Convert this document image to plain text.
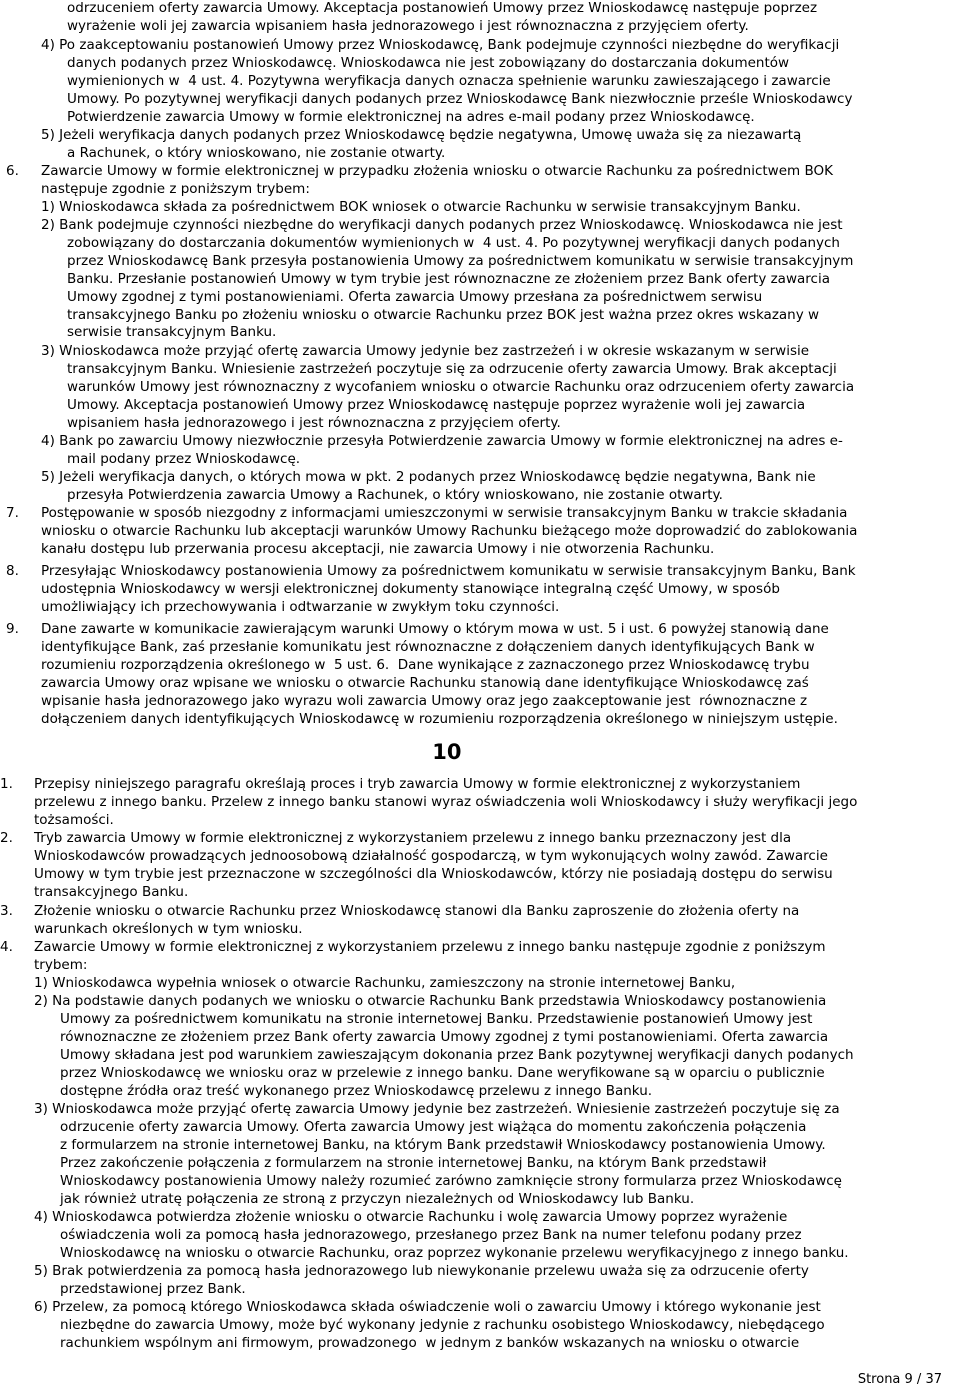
odrzuceniem oferty zawarcia Umowy. Akceptacja postanowień Umowy przez Wnioskodawcę następuje poprzez
wyrażenie woli jej zawarcia wpisaniem hasła jednorazowego i jest równoznaczna z przyjęciem oferty.
4) Po zaakceptowaniu postanowień Umowy przez Wnioskodawcę, Bank podejmuje czynności niezbędne do weryfikacji
danych podanych przez Wnioskodawcę. Wnioskodawca nie jest zobowiązany do dostarczania dokumentów
wymienionych w  4 ust. 4. Pozytywna weryfikacja danych oznacza spełnienie warunku zawieszającego i zawarcie
Umowy. Po pozytywnej weryfikacji danych podanych przez Wnioskodawcę Bank niezwłocznie prześle Wnioskodawcy
Potwierdzenie zawarcia Umowy w formie elektronicznej na adres e-mail podany przez Wnioskodawcę.
5) Jeżeli weryfikacja danych podanych przez Wnioskodawcę będzie negatywna, Umowę uważa się za niezawartą
a Rachunek, o który wnioskowano, nie zostanie otwarty.
6. Zawarcie Umowy w formie elektronicznej w przypadku złożenia wniosku o otwarcie Rachunku za pośrednictwem BOK
następuje zgodnie z poniższym trybem:
1) Wnioskodawca składa za pośrednictwem BOK wniosek o otwarcie Rachunku w serwisie transakcyjnym Banku.
2) Bank podejmuje czynności niezbędne do weryfikacji danych podanych przez Wnioskodawcę. Wnioskodawca nie jest
zobowiązany do dostarczania dokumentów wymienionych w  4 ust. 4. Po pozytywnej weryfikacji danych podanych
przez Wnioskodawcę Bank przesyła postanowienia Umowy za pośrednictwem komunikatu w serwisie transakcyjnym
Banku. Przesłanie postanowień Umowy w tym trybie jest równoznaczne ze złożeniem przez Bank oferty zawarcia
Umowy zgodnej z tymi postanowieniami. Oferta zawarcia Umowy przesłana za pośrednictwem serwisu
transakcyjnego Banku po złożeniu wniosku o otwarcie Rachunku przez BOK jest ważna przez okres wskazany w
serwisie transakcyjnym Banku.
3) Wnioskodawca może przyjąć ofertę zawarcia Umowy jedynie bez zastrzeżeń i w okresie wskazanym w serwisie
transakcyjnym Banku. Wniesienie zastrzeżeń poczytuje się za odrzucenie oferty zawarcia Umowy. Brak akceptacji
warunków Umowy jest równoznaczny z wycofaniem wniosku o otwarcie Rachunku oraz odrzuceniem oferty zawarcia
Umowy. Akceptacja postanowień Umowy przez Wnioskodawcę następuje poprzez wyrażenie woli jej zawarcia
wpisaniem hasła jednorazowego i jest równoznaczna z przyjęciem oferty.
4) Bank po zawarciu Umowy niezwłocznie przesyła Potwierdzenie zawarcia Umowy w formie elektronicznej na adres e-
mail podany przez Wnioskodawcę.
5) Jeżeli weryfikacja danych, o których mowa w pkt. 2 podanych przez Wnioskodawcę będzie negatywna, Bank nie
przesyła Potwierdzenia zawarcia Umowy a Rachunek, o który wnioskowano, nie zostanie otwarty.
7. Postępowanie w sposób niezgodny z informacjami umieszczonymi w serwisie transakcyjnym Banku w trakcie składania
wniosku o otwarcie Rachunku lub akceptacji warunków Umowy Rachunku bieżącego może doprowadzić do zablokowania
kanału dostępu lub przerwania procesu akceptacji, nie zawarcia Umowy i nie otworzenia Rachunku.
8. Przesyłając Wnioskodawcy postanowienia Umowy za pośrednictwem komunikatu w serwisie transakcyjnym Banku, Bank
udostępnia Wnioskodawcy w wersji elektronicznej dokumenty stanowiące integralną część Umowy, w sposób
umożliwiający ich przechowywania i odtwarzanie w zwykłym toku czynności.
9. Dane zawarte w komunikacie zawierającym warunki Umowy o którym mowa w ust. 5 i ust. 6 powyżej stanowią dane
identyfikujące Bank, zaś przesłanie komunikatu jest równoznaczne z dołączeniem danych identyfikujących Bank w
rozumieniu rozporządzenia określonego w  5 ust. 6.  Dane wynikające z zaznaczonego przez Wnioskodawcę trybu
zawarcia Umowy oraz wpisane we wniosku o otwarcie Rachunku stanowią dane identyfikujące Wnioskodawcę zaś
wpisanie hasła jednorazowego jako wyrazu woli zawarcia Umowy oraz jego zaakceptowanie jest  równoznaczne z
dołączeniem danych identyfikujących Wnioskodawcę w rozumieniu rozporządzenia określonego w niniejszym ustępie.
1. Przepisy niniejszego paragrafu określają proces i tryb zawarcia Umowy w formie elektronicznej z wykorzystaniem
przelewu z innego banku. Przelew z innego banku stanowi wyraz oświadczenia woli Wnioskodawcy i służy weryfikacji jego
tożsamości.
2. Tryb zawarcia Umowy w formie elektronicznej z wykorzystaniem przelewu z innego banku przeznaczony jest dla
Wnioskodawców prowadzących jednoosobową działalność gospodarczą, w tym wykonujących wolny zawód. Zawarcie
Umowy w tym trybie jest przeznaczone w szczególności dla Wnioskodawców, którzy nie posiadają dostępu do serwisu
transakcyjnego Banku.
3. Złożenie wniosku o otwarcie Rachunku przez Wnioskodawcę stanowi dla Banku zaproszenie do złożenia oferty na
warunkach określonych w tym wniosku.
4. Zawarcie Umowy w formie elektronicznej z wykorzystaniem przelewu z innego banku następuje zgodnie z poniższym
trybem:
1) Wnioskodawca wypełnia wniosek o otwarcie Rachunku, zamieszczony na stronie internetowej Banku,
2) Na podstawie danych podanych we wniosku o otwarcie Rachunku Bank przedstawia Wnioskodawcy postanowienia
Umowy za pośrednictwem komunikatu na stronie internetowej Banku. Przedstawienie postanowień Umowy jest
równoznaczne ze złożeniem przez Bank oferty zawarcia Umowy zgodnej z tymi postanowieniami. Oferta zawarcia
Umowy składana jest pod warunkiem zawieszającym dokonania przez Bank pozytywnej weryfikacji danych podanych
przez Wnioskodawcę we wniosku oraz w przelewie z innego banku. Dane weryfikowane są w oparciu o publicznie
dostępne źródła oraz treść wykonanego przez Wnioskodawcę przelewu z innego Banku.
3) Wnioskodawca może przyjąć ofertę zawarcia Umowy jedynie bez zastrzeżeń. Wniesienie zastrzeżeń poczytuje się za
odrzucenie oferty zawarcia Umowy. Oferta zawarcia Umowy jest wiążąca do momentu zakończenia połączenia
z formularzem na stronie internetowej Banku, na którym Bank przedstawił Wnioskodawcy postanowienia Umowy.
Przez zakończenie połączenia z formularzem na stronie internetowej Banku, na którym Bank przedstawił
Wnioskodawcy postanowienia Umowy należy rozumieć zarówno zamknięcie strony formularza przez Wnioskodawcę
jak również utratę połączenia ze stroną z przyczyn niezależnych od Wnioskodawcy lub Banku.
4) Wnioskodawca potwierdza złożenie wniosku o otwarcie Rachunku i wolę zawarcia Umowy poprzez wyrażenie
oświadczenia woli za pomocą hasła jednorazowego, przesłanego przez Bank na numer telefonu podany przez
Wnioskodawcę na wniosku o otwarcie Rachunku, oraz poprzez wykonanie przelewu weryfikacyjnego z innego banku.
5) Brak potwierdzenia za pomocą hasła jednorazowego lub niewykonanie przelewu uważa się za odrzucenie oferty
przedstawionej przez Bank.
6) Przelew, za pomocą którego Wnioskodawca składa oświadczenie woli o zawarciu Umowy i którego wykonanie jest
niezbędne do zawarcia Umowy, może być wykonany jedynie z rachunku osobistego Wnioskodawcy, niebędącego
rachunkiem wspólnym ani firmowym, prowadzonego  w jednym z banków wskazanych na wniosku o otwarcie
10
Strona 9 / 37
